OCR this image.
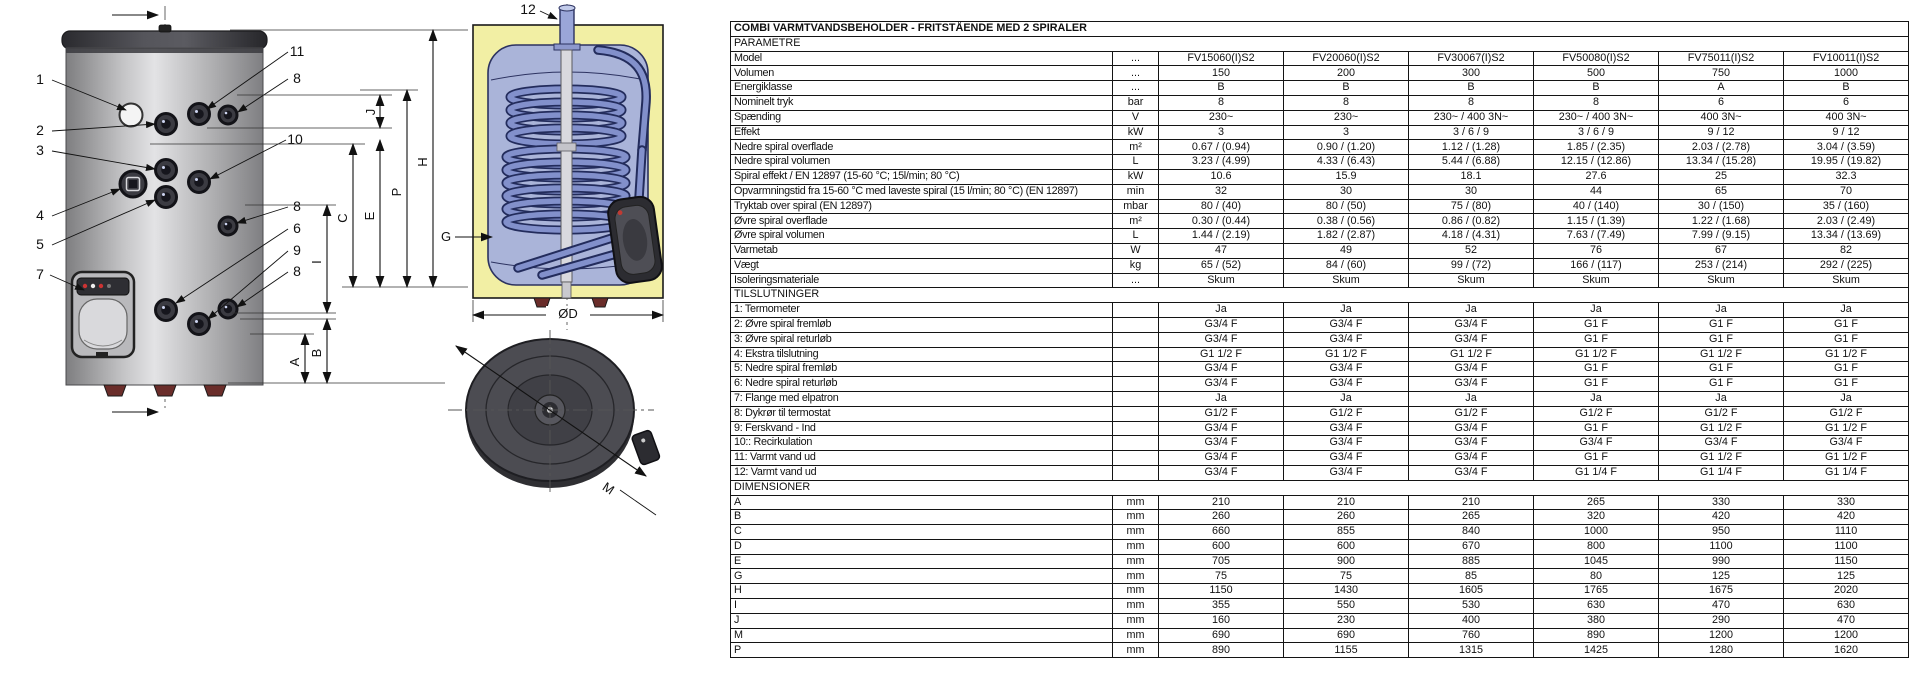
1
2
3
4
5
7
11
8
10
8
6
9
8
A
B
I
C
J
E
P
H
12
G
ØD
M
COMBI VARMTVANDSBEHOLDER - FRITSTÅENDE MED 2 SPIRALER							
PARAMETRE							
Model	...	FV15060(I)S2	FV20060(I)S2	FV30067(I)S2	FV50080(I)S2	FV75011(I)S2	FV10011(I)S2
Volumen	...	150	200	300	500	750	1000
Energiklasse	...	B	B	B	B	A	B
Nominelt tryk	bar	8	8	8	8	6	6
Spænding	V	230~	230~	230~ / 400 3N~	230~ / 400 3N~	400 3N~	400 3N~
Effekt	kW	3	3	3 / 6 / 9	3 / 6 / 9	9 / 12	9 / 12
Nedre spiral overflade	m²	0.67 / (0.94)	0.90 / (1.20)	1.12 / (1.28)	1.85 / (2.35)	2.03 / (2.78)	3.04 / (3.59)
Nedre spiral volumen	L	3.23 / (4.99)	4.33 / (6.43)	5.44 / (6.88)	12.15 / (12.86)	13.34 / (15.28)	19.95 / (19.82)
Spiral effekt / EN 12897 (15-60 °C; 15l/min; 80 °C)	kW	10.6	15.9	18.1	27.6	25	32.3
Opvarmningstid fra 15-60 °C med laveste spiral (15 l/min; 80 °C) (EN 12897)	min	32	30	30	44	65	70
Tryktab over spiral (EN 12897)	mbar	80 / (40)	80 / (50)	75 / (80)	40 / (140)	30 / (150)	35 / (160)
Øvre spiral overflade	m²	0.30 / (0.44)	0.38 / (0.56)	0.86 / (0.82)	1.15 / (1.39)	1.22 / (1.68)	2.03 / (2.49)
Øvre spiral volumen	L	1.44 / (2.19)	1.82 / (2.87)	4.18 / (4.31)	7.63 / (7.49)	7.99 / (9.15)	13.34 / (13.69)
Varmetab	W	47	49	52	76	67	82
Vægt	kg	65 / (52)	84 / (60)	99 / (72)	166 / (117)	253 / (214)	292 / (225)
Isoleringsmateriale	...	Skum	Skum	Skum	Skum	Skum	Skum
TILSLUTNINGER							
1: Termometer		Ja	Ja	Ja	Ja	Ja	Ja
2: Øvre spiral fremløb		G3/4 F	G3/4 F	G3/4 F	G1 F	G1 F	G1 F
3: Øvre spiral returløb		G3/4 F	G3/4 F	G3/4 F	G1 F	G1 F	G1 F
4: Ekstra tilslutning		G1 1/2 F	G1 1/2 F	G1 1/2 F	G1 1/2 F	G1 1/2 F	G1 1/2 F
5: Nedre spiral fremløb		G3/4 F	G3/4 F	G3/4 F	G1 F	G1 F	G1 F
6: Nedre spiral returløb		G3/4 F	G3/4 F	G3/4 F	G1 F	G1 F	G1 F
7: Flange med elpatron		Ja	Ja	Ja	Ja	Ja	Ja
8: Dykrør til termostat		G1/2 F	G1/2 F	G1/2 F	G1/2 F	G1/2 F	G1/2 F
9: Ferskvand - Ind		G3/4 F	G3/4 F	G3/4 F	G1 F	G1 1/2 F	G1 1/2 F
10:: Recirkulation		G3/4 F	G3/4 F	G3/4 F	G3/4 F	G3/4 F	G3/4 F
11: Varmt vand ud		G3/4 F	G3/4 F	G3/4 F	G1 F	G1 1/2 F	G1 1/2 F
12: Varmt vand ud		G3/4 F	G3/4 F	G3/4 F	G1 1/4 F	G1 1/4 F	G1 1/4 F
DIMENSIONER							
A	mm	210	210	210	265	330	330
B	mm	260	260	265	320	420	420
C	mm	660	855	840	1000	950	1110
D	mm	600	600	670	800	1100	1100
E	mm	705	900	885	1045	990	1150
G	mm	75	75	85	80	125	125
H	mm	1150	1430	1605	1765	1675	2020
I	mm	355	550	530	630	470	630
J	mm	160	230	400	380	290	470
M	mm	690	690	760	890	1200	1200
P	mm	890	1155	1315	1425	1280	1620
